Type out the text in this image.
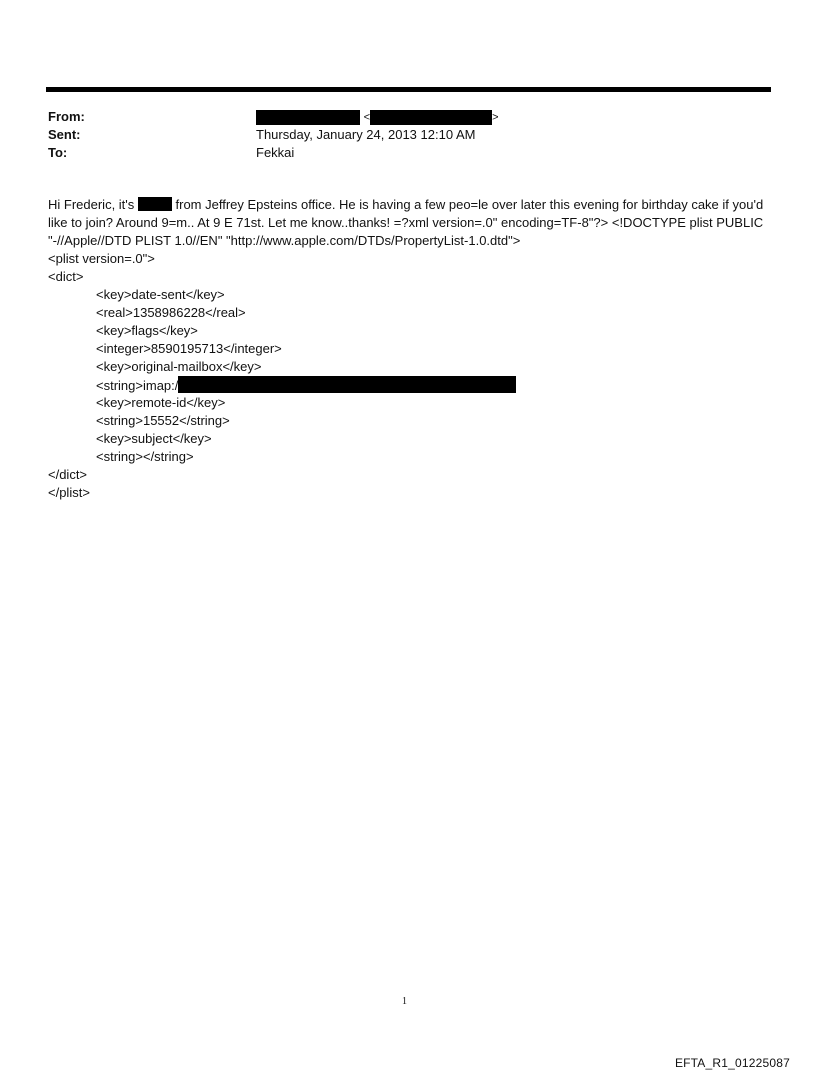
From:	<	>
Sent:	Thursday, January 24, 2013 12:10 AM
To:	Fekkai

Hi Frederic, it's	from Jeffrey Epsteins office. He is having a few peo=le over later this evening for birthday cake if you'd like to join? Around 9=m.. At 9 E 71st. Let me know..thanks! =?xml version=.0" encoding=TF-8"?> <!DOCTYPE plist PUBLIC "-//Apple//DTD PLIST 1.0//EN" "http://www.apple.com/DTDs/PropertyList-1.0.dtd">

<plist version=.0">
<dict>
<key>date-sent</key>
<real>1358986228</real>
<key>flags</key>
<integer>8590195713</integer>
<key>original-mailbox</key>
<string>imap:/
<key>remote-id</key>
<string>15552</string>
<key>subject</key>
<string></string>
</dict>
</plist>
1
EFTA_R1_01225087
